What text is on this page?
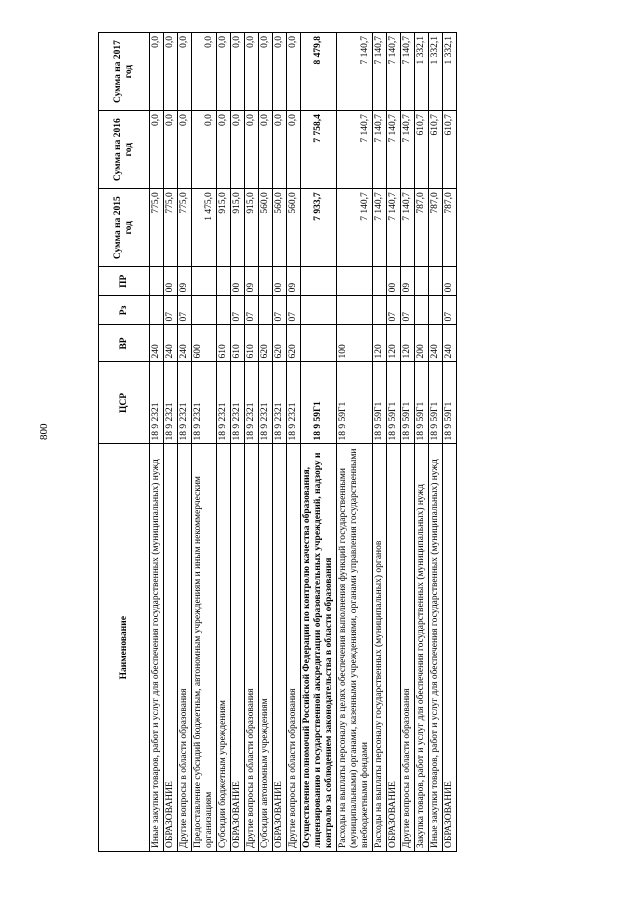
800
Наименование	ЦСР	ВР	Рз	ПР	Сумма на 2015 год	Сумма на 2016 год	Сумма на 2017 год
Иные закупки товаров, работ и услуг для обеспечения государственных (муниципальных) нужд	18 9 2321	240			775,0	0,0	0,0
ОБРАЗОВАНИЕ	18 9 2321	240	07	00	775,0	0,0	0,0
Другие вопросы в области образования	18 9 2321	240	07	09	775,0	0,0	0,0
Предоставление субсидий бюджетным, автономным учреждениям и иным некоммерческим организациям	18 9 2321	600			1 475,0	0,0	0,0
Субсидии бюджетным учреждениям	18 9 2321	610			915,0	0,0	0,0
ОБРАЗОВАНИЕ	18 9 2321	610	07	00	915,0	0,0	0,0
Другие вопросы в области образования	18 9 2321	610	07	09	915,0	0,0	0,0
Субсидии автономным учреждениям	18 9 2321	620			560,0	0,0	0,0
ОБРАЗОВАНИЕ	18 9 2321	620	07	00	560,0	0,0	0,0
Другие вопросы в области образования	18 9 2321	620	07	09	560,0	0,0	0,0
Осуществление полномочий Российской Федерации по контролю качества образования, лицензированию и государственной аккредитации образовательных учреждений, надзору и контролю за соблюдением законодательства в области образования	18 9 59Г1				7 933,7	7 758,4	8 479,8
Расходы на выплаты персоналу в целях обеспечения выполнения функций государственными (муниципальными) органами, казенными учреждениями, органами управления государственными внебюджетными фондами	18 9 59Г1	100			7 140,7	7 140,7	7 140,7
Расходы на выплаты персоналу государственных (муниципальных) органов	18 9 59Г1	120			7 140,7	7 140,7	7 140,7
ОБРАЗОВАНИЕ	18 9 59Г1	120	07	00	7 140,7	7 140,7	7 140,7
Другие вопросы в области образования	18 9 59Г1	120	07	09	7 140,7	7 140,7	7 140,7
Закупка товаров, работ и услуг для обеспечения государственных (муниципальных) нужд	18 9 59Г1	200			787,0	610,7	1 332,1
Иные закупки товаров, работ и услуг для обеспечения государственных (муниципальных) нужд	18 9 59Г1	240			787,0	610,7	1 332,1
ОБРАЗОВАНИЕ	18 9 59Г1	240	07	00	787,0	610,7	1 332,1
